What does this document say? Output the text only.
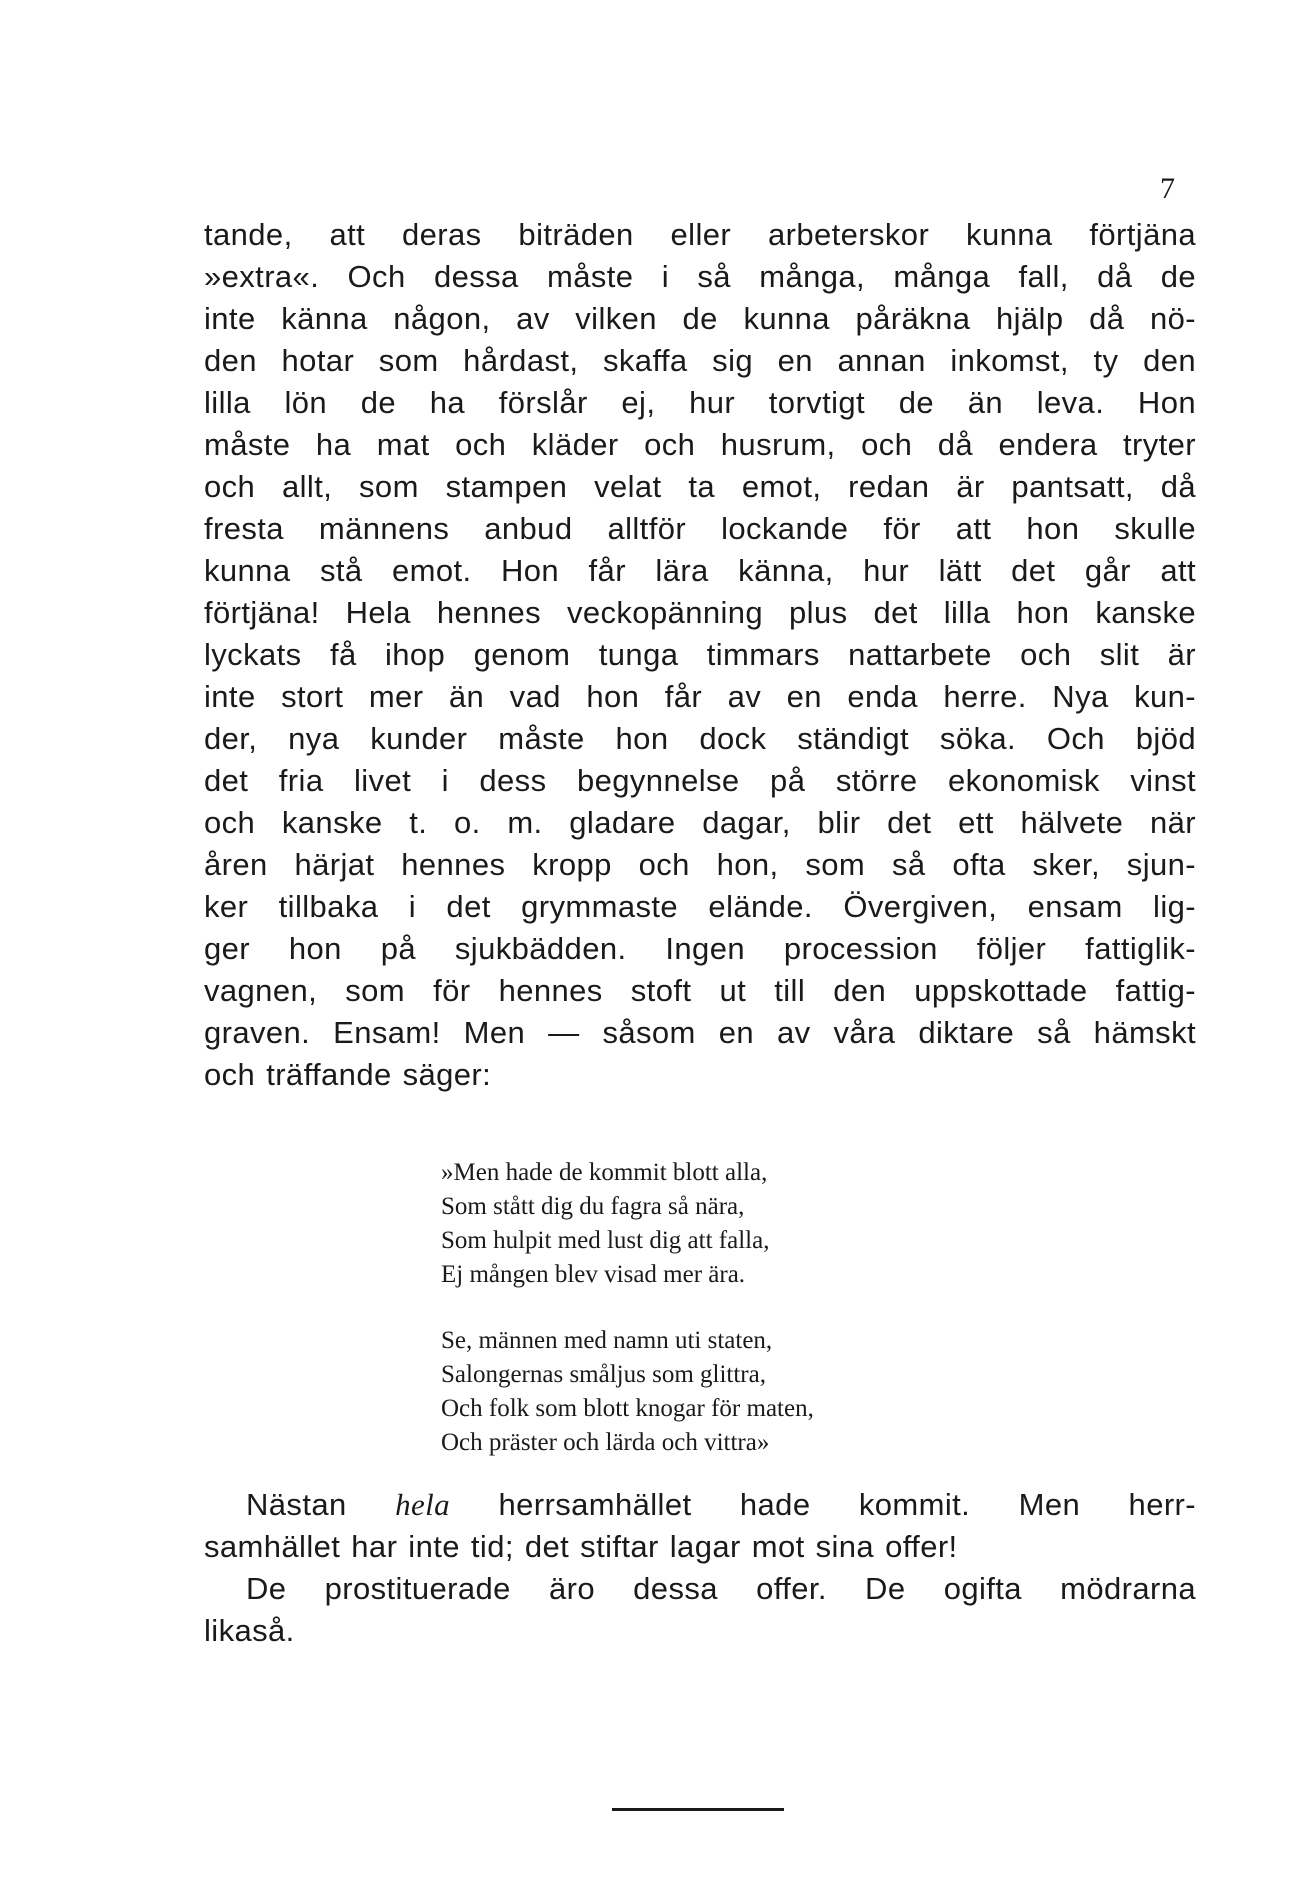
7
tande, att deras biträden eller arbeterskor kunna förtjäna
»extra«. Och dessa måste i så många, många fall, då de
inte känna någon, av vilken de kunna påräkna hjälp då nö-
den hotar som hårdast, skaffa sig en annan inkomst, ty den
lilla lön de ha förslår ej, hur torvtigt de än leva. Hon
måste ha mat och kläder och husrum, och då endera tryter
och allt, som stampen velat ta emot, redan är pantsatt, då
fresta männens anbud alltför lockande för att hon skulle
kunna stå emot. Hon får lära känna, hur lätt det går att
förtjäna! Hela hennes veckopänning plus det lilla hon kanske
lyckats få ihop genom tunga timmars nattarbete och slit är
inte stort mer än vad hon får av en enda herre. Nya kun-
der, nya kunder måste hon dock ständigt söka. Och bjöd
det fria livet i dess begynnelse på större ekonomisk vinst
och kanske t. o. m. gladare dagar, blir det ett hälvete när
åren härjat hennes kropp och hon, som så ofta sker, sjun-
ker tillbaka i det grymmaste elände. Övergiven, ensam lig-
ger hon på sjukbädden. Ingen procession följer fattiglik-
vagnen, som för hennes stoft ut till den uppskottade fattig-
graven. Ensam! Men — såsom en av våra diktare så hämskt
och träffande säger:
»Men hade de kommit blott alla,
Som stått dig du fagra så nära,
Som hulpit med lust dig att falla,
Ej mången blev visad mer ära.
Se, männen med namn uti staten,
Salongernas småljus som glittra,
Och folk som blott knogar för maten,
Och präster och lärda och vittra»
Nästan hela herrsamhället hade kommit. Men herr-
samhället har inte tid; det stiftar lagar mot sina offer!
De prostituerade äro dessa offer. De ogifta mödrarna
likaså.
